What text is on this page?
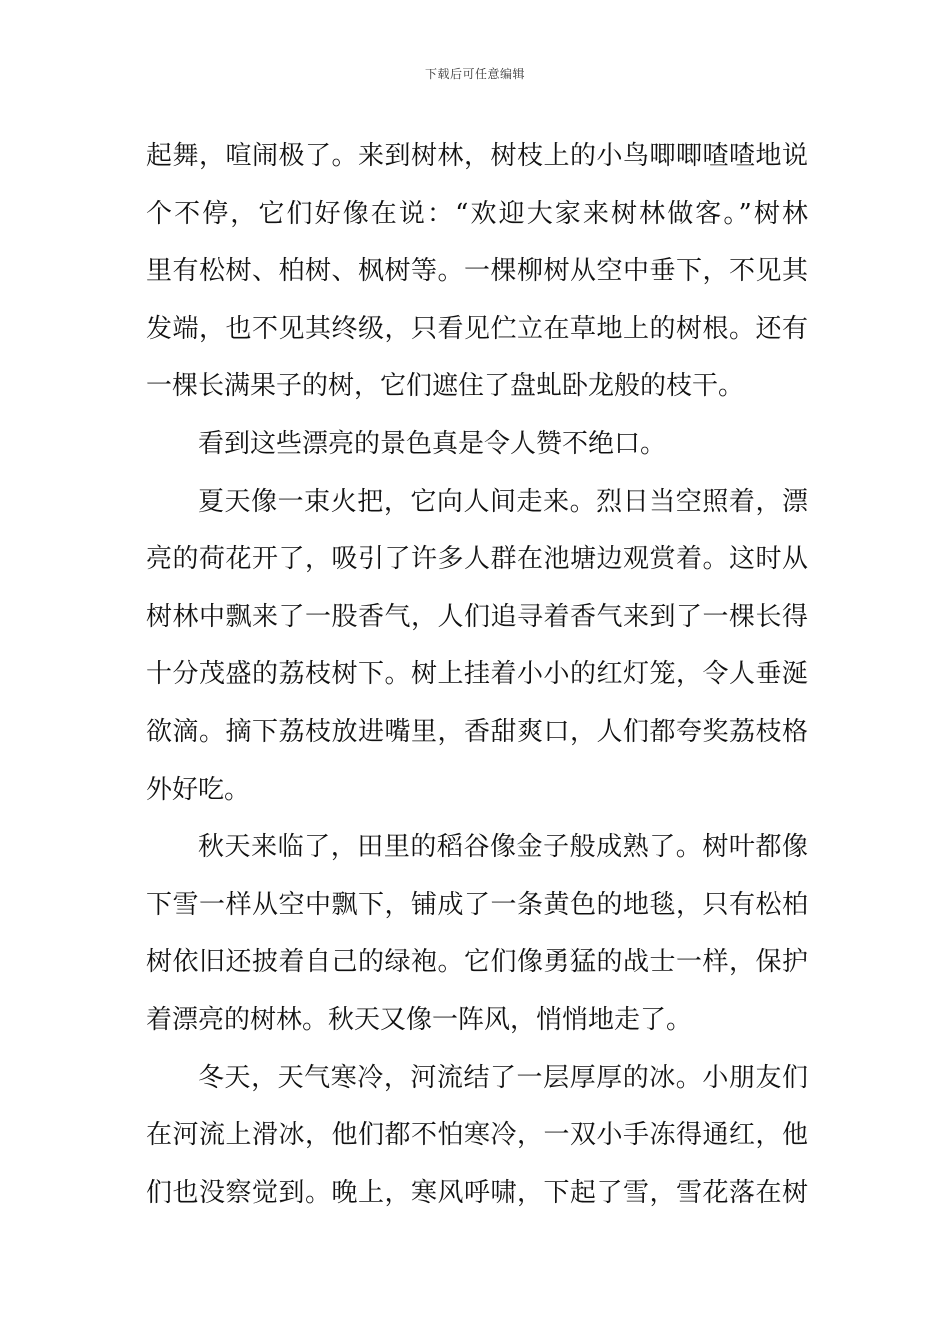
下载后可任意编辑
起舞，喧闹极了。来到树林，树枝上的小鸟唧唧喳喳地说
个不停，它们好像在说：“欢迎大家来树林做客。”树林
里有松树、柏树、枫树等。一棵柳树从空中垂下，不见其
发端，也不见其终级，只看见伫立在草地上的树根。还有
一棵长满果子的树，它们遮住了盘虬卧龙般的枝干。
看到这些漂亮的景色真是令人赞不绝口。
夏天像一束火把，它向人间走来。烈日当空照着，漂
亮的荷花开了，吸引了许多人群在池塘边观赏着。这时从
树林中飘来了一股香气，人们追寻着香气来到了一棵长得
十分茂盛的荔枝树下。树上挂着小小的红灯笼，令人垂涎
欲滴。摘下荔枝放进嘴里，香甜爽口，人们都夸奖荔枝格
外好吃。
秋天来临了，田里的稻谷像金子般成熟了。树叶都像
下雪一样从空中飘下，铺成了一条黄色的地毯，只有松柏
树依旧还披着自己的绿袍。它们像勇猛的战士一样，保护
着漂亮的树林。秋天又像一阵风，悄悄地走了。
冬天，天气寒冷，河流结了一层厚厚的冰。小朋友们
在河流上滑冰，他们都不怕寒冷，一双小手冻得通红，他
们也没察觉到。晚上，寒风呼啸，下起了雪，雪花落在树
